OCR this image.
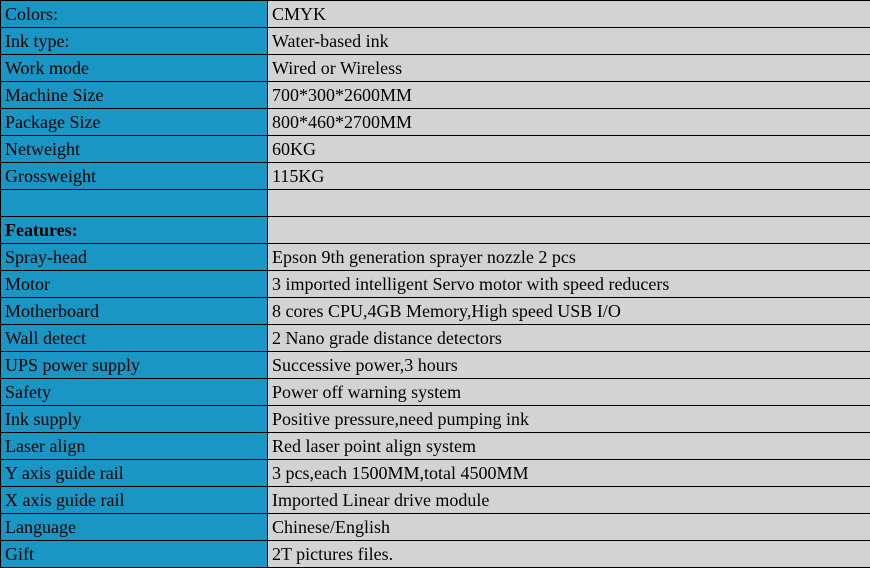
Colors:	CMYK
Ink type:	Water-based ink
Work mode	Wired or Wireless
Machine Size	700*300*2600MM
Package Size	800*460*2700MM
Netweight	60KG
Grossweight	115KG

Features:	
Spray-head	Epson 9th generation sprayer nozzle 2 pcs
Motor	3 imported intelligent Servo motor with speed reducers
Motherboard	8 cores CPU,4GB Memory,High speed USB I/O
Wall detect	2 Nano grade distance detectors
UPS power supply	Successive power,3 hours
Safety	Power off warning system
Ink supply	Positive pressure,need pumping ink
Laser align	Red laser point align system
Y axis guide rail	3 pcs,each 1500MM,total 4500MM
X axis guide rail	Imported Linear drive module
Language	Chinese/English
Gift	2T pictures files.
